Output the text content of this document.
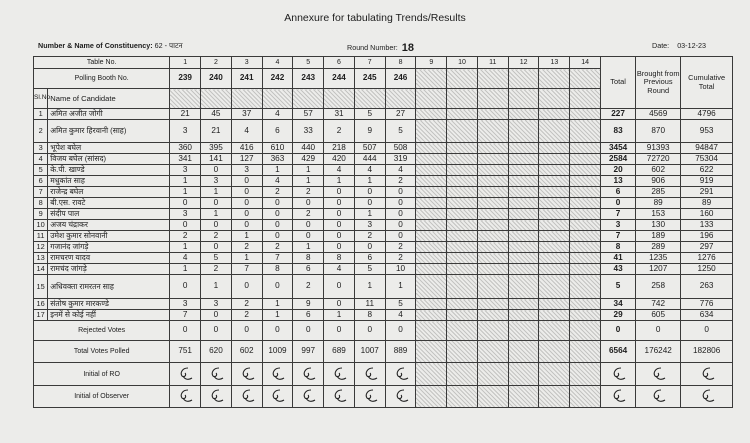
Annexure for tabulating Trends/Results
Number & Name of Constituency: 62 - पाटन	Round Number: 18	Date: 03-12-23
Table No.		1	2	3	4	5	6	7	8	9	10	11	12	13	14	Total	Brought from Previous Round	Cumulative Total
Polling Booth No.		239	240	241	242	243	244	245	246									
Sl.No.	Name of Candidate																	
1	अमित अजीत जोगी	21	45	37	4	57	31	5	27							227	4569	4796
2	अमित कुमार हिरवानी (साह)	3	21	4	6	33	2	9	5							83	870	953
3	भूपेश बघेल	360	395	416	610	440	218	507	508							3454	91393	94847
4	विजय बघेल (सांसद)	341	141	127	363	429	420	444	319							2584	72720	75304
5	के.पी. खाण्डे	3	0	3	1	1	4	4	4							20	602	622
6	मधुकांत साह	1	3	0	4	1	1	1	2							13	906	919
7	राजेन्द्र बघेल	1	1	0	2	2	0	0	0							6	285	291
8	बी.एस. रावटे	0	0	0	0	0	0	0	0							0	89	89
9	संदीप पाल	3	1	0	0	2	0	1	0							7	153	160
10	अजय चंद्राकर	0	0	0	0	0	0	3	0							3	130	133
11	उमेश कुमार सोनवानी	2	2	1	0	0	0	2	0							7	189	196
12	गजानंद जांगड़े	1	0	2	2	1	0	0	2							8	289	297
13	रामचरण यादव	4	5	1	7	8	8	6	2							41	1235	1276
14	रामचंद जांगड़े	1	2	7	8	6	4	5	10							43	1207	1250
15	अधिवक्ता रामरतन साह	0	1	0	0	2	0	1	1							5	258	263
16	संतोष कुमार मारकण्डे	3	3	2	1	9	0	11	5							34	742	776
17	इनमें से कोई नहीं	7	0	2	1	6	1	8	4							29	605	634
Rejected Votes		0	0	0	0	0	0	0	0							0	0	0
Total Votes Polled		751	620	602	1009	997	689	1007	889							6564	176242	182806
Initial of RO																	
Initial of Observer																	
